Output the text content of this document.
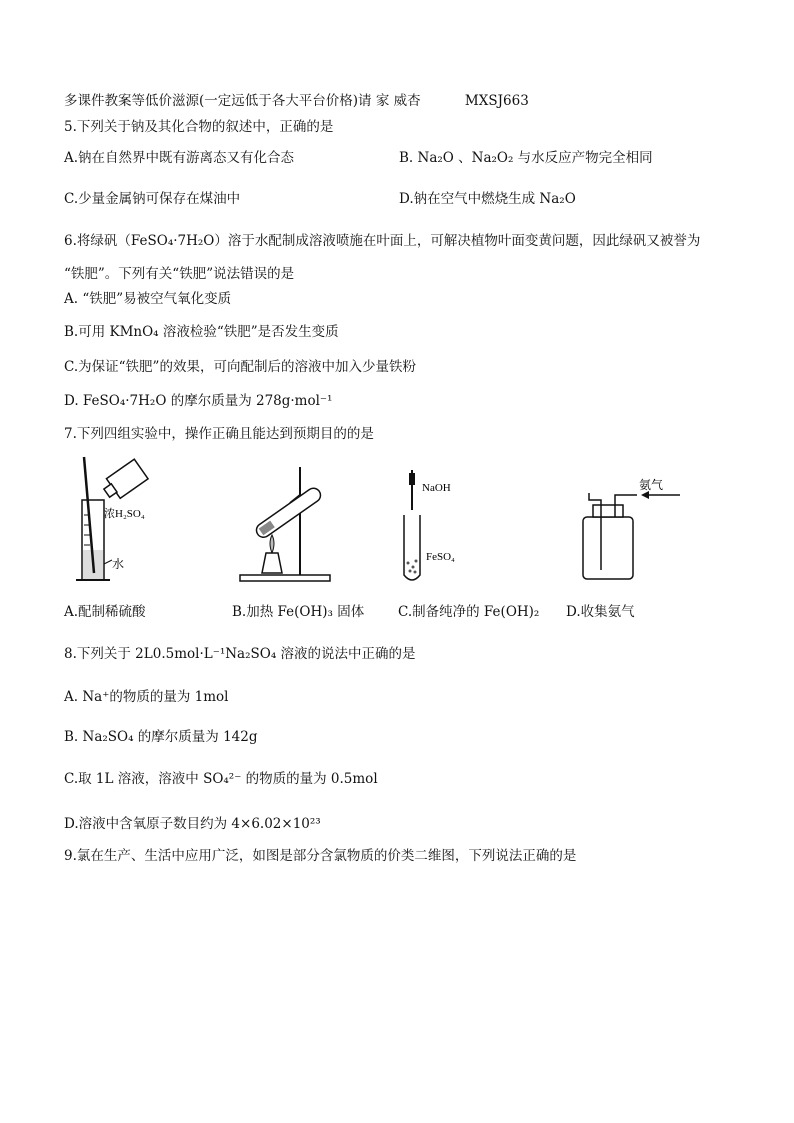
多课件教案等低价滋源(一定远低于各大平台价格)请 家 威杏	MXSJ663
5.下列关于钠及其化合物的叙述中，正确的是
A.钠在自然界中既有游离态又有化合态	B. Na₂O 、Na₂O₂ 与水反应产物完全相同
C.少量金属钠可保存在煤油中	D.钠在空气中燃烧生成 Na₂O
6.将绿矾（FeSO₄·7H₂O）溶于水配制成溶液喷施在叶面上，可解决植物叶面变黄问题，因此绿矾又被誉为
“铁肥”。下列有关“铁肥”说法错误的是
A. “铁肥”易被空气氧化变质
B.可用 KMnO₄ 溶液检验“铁肥”是否发生变质
C.为保证“铁肥”的效果，可向配制后的溶液中加入少量铁粉
D. FeSO₄·7H₂O 的摩尔质量为 278g·mol⁻¹
7.下列四组实验中，操作正确且能达到预期目的的是
浓H₂SO₄
水
NaOH
FeSO₄
氨气
A.配制稀硫酸	B.加热 Fe(OH)₃ 固体	C.制备纯净的 Fe(OH)₂ D.收集氨气
8.下列关于 2L0.5mol·L⁻¹Na₂SO₄ 溶液的说法中正确的是
A. Na⁺的物质的量为 1mol
B. Na₂SO₄ 的摩尔质量为 142g
C.取 1L 溶液，溶液中 SO₄²⁻ 的物质的量为 0.5mol
D.溶液中含氧原子数目约为 4×6.02×10²³
9.氯在生产、生活中应用广泛，如图是部分含氯物质的价类二维图，下列说法正确的是
